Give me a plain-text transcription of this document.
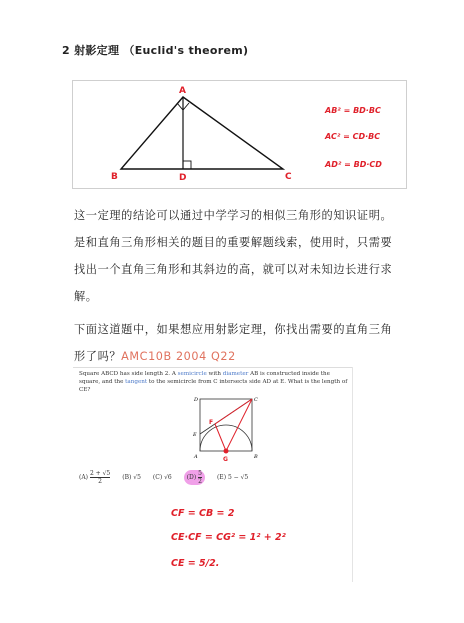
2 射影定理 （Euclid's theorem)
A
B	D	C
AB² = BD·BC
AC² = CD·BC
AD² = BD·CD
这一定理的结论可以通过中学学习的相似三角形的知识证明。是和直角三角形相关的题目的重要解题线索，使用时，只需要找出一个直角三角形和其斜边的高，就可以对未知边长进行求解。
下面这道题中，如果想应用射影定理，你找出需要的直角三角形了吗？AMC10B 2004 Q22
Square ABCD has side length 2. A semicircle with diameter AB is constructed inside the square, and the tangent to the semicircle from C intersects side AD at E. What is the length of CE?
D	C
E
A	B
F
G
$(A) \frac{2 + √5}{2} (B)$ √5 (C) √6	$(D) \frac{5}{2}$	(E) 5 − √5
CF = CB = 2
CE·CF = CG² = 1² + 2²
CE = 5/2.
